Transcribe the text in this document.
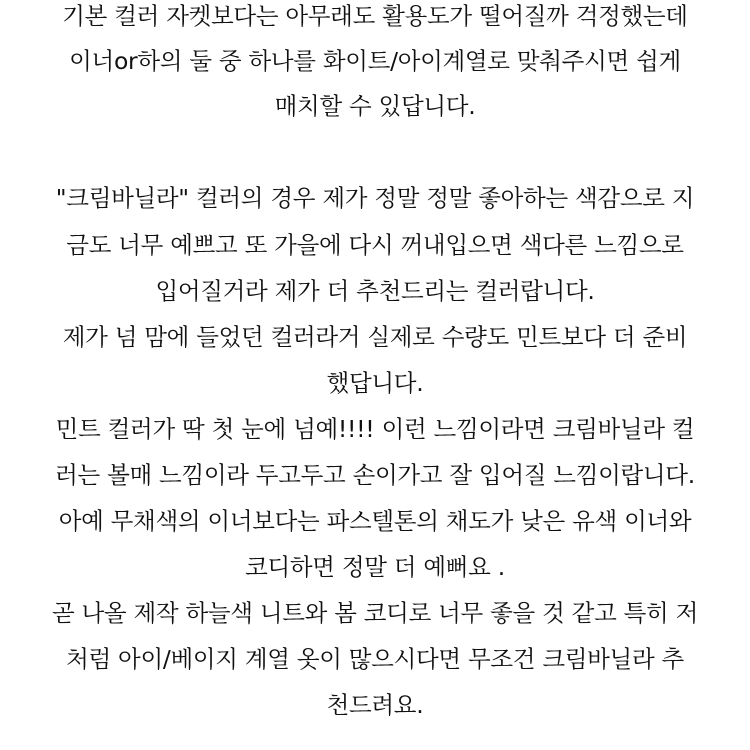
기본 컬러 자켓보다는 아무래도 활용도가 떨어질까 걱정했는데
이너or하의 둘 중 하나를 화이트/아이계열로 맞춰주시면 쉽게
매치할 수 있답니다.
"크림바닐라" 컬러의 경우 제가 정말 정말 좋아하는 색감으로 지
금도 너무 예쁘고 또 가을에 다시 꺼내입으면 색다른 느낌으로
입어질거라 제가 더 추천드리는 컬러랍니다.
제가 넘 맘에 들었던 컬러라거 실제로 수량도 민트보다 더 준비
했답니다.
민트 컬러가 딱 첫 눈에 넘예!!!! 이런 느낌이라면 크림바닐라 컬
러는 볼매 느낌이라 두고두고 손이가고 잘 입어질 느낌이랍니다.
아예 무채색의 이너보다는 파스텔톤의 채도가 낮은 유색 이너와
코디하면 정말 더 예뻐요 .
곧 나올 제작 하늘색 니트와 봄 코디로 너무 좋을 것 같고 특히 저
처럼 아이/베이지 계열 옷이 많으시다면 무조건 크림바닐라 추
천드려요.
